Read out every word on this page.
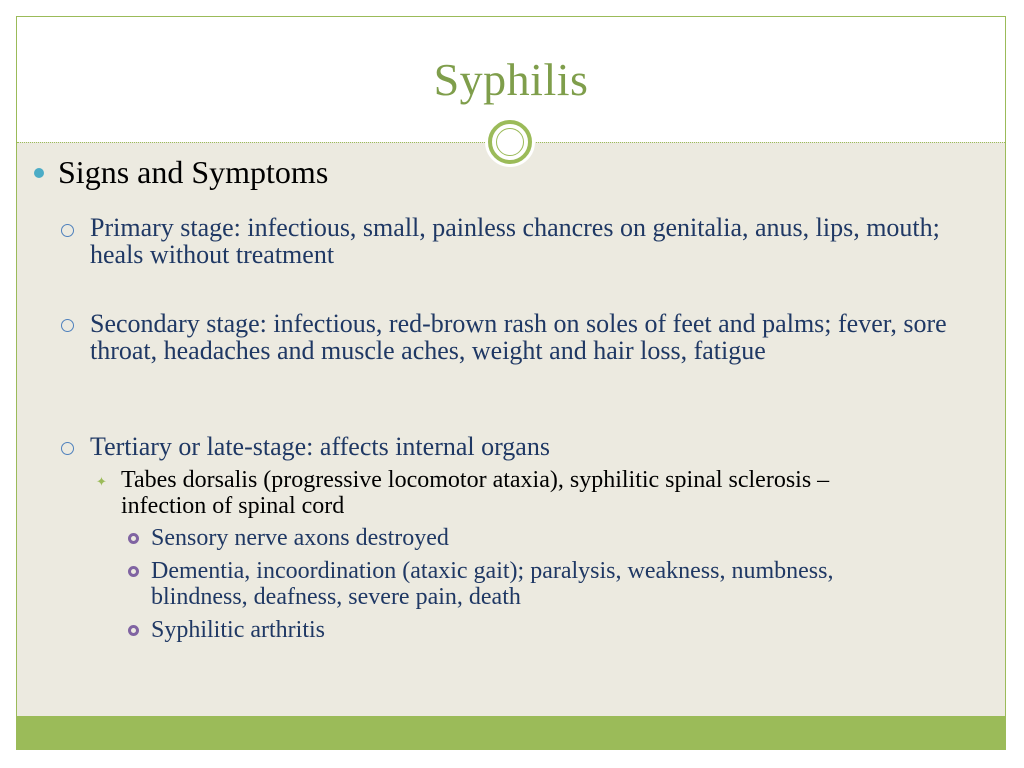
Syphilis
Signs and Symptoms
Primary stage: infectious, small, painless chancres on genitalia, anus, lips, mouth; heals without treatment
Secondary stage: infectious, red-brown rash on soles of feet and palms; fever, sore throat, headaches and muscle aches, weight and hair loss, fatigue
Tertiary or late-stage: affects internal organs
✦ Tabes dorsalis (progressive locomotor ataxia), syphilitic spinal sclerosis – infection of spinal cord
Sensory nerve axons destroyed
Dementia, incoordination (ataxic gait); paralysis, weakness, numbness, blindness, deafness, severe pain, death
Syphilitic arthritis
